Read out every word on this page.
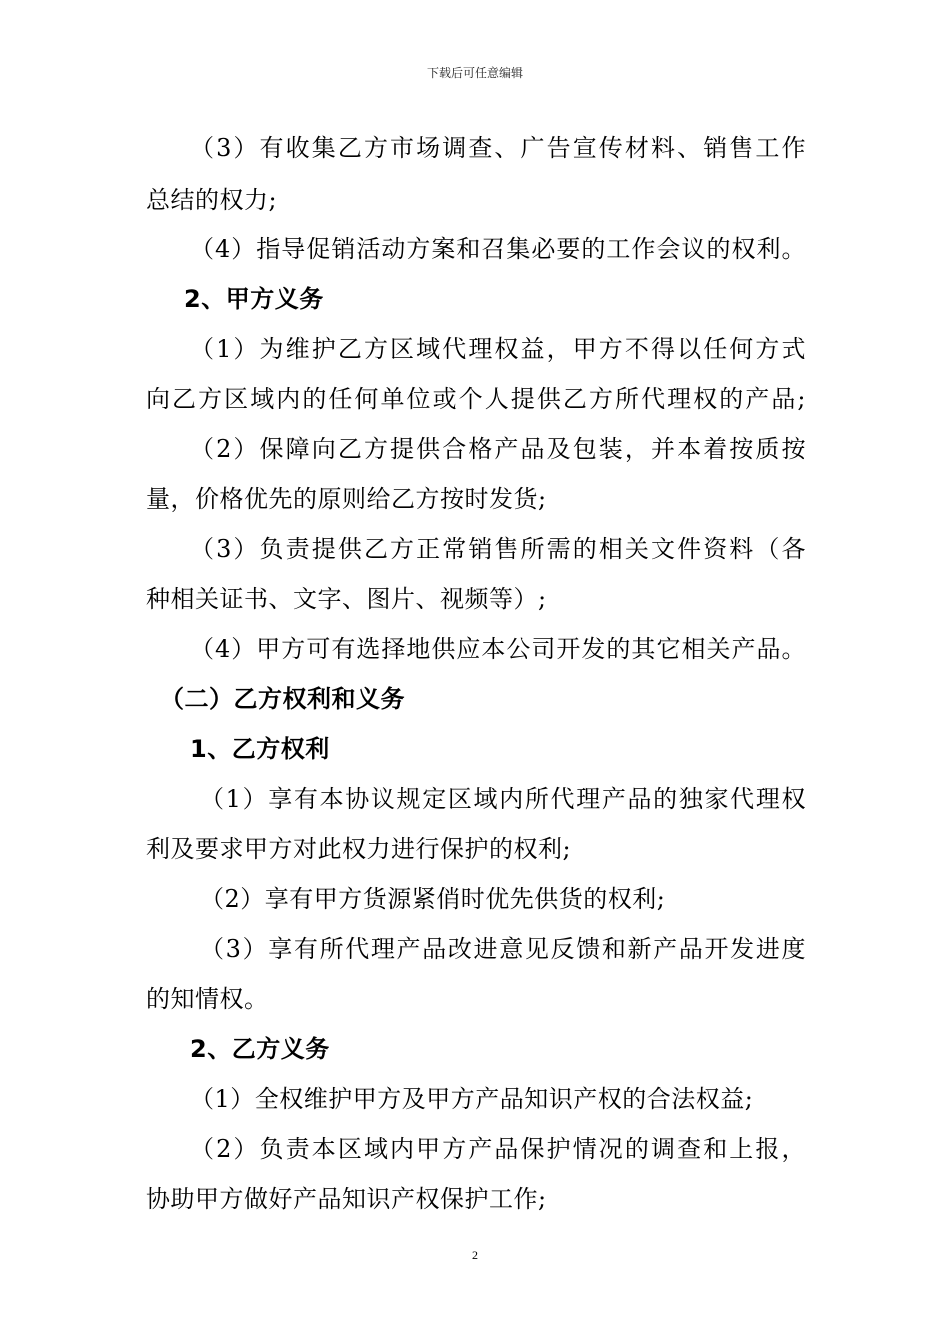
下载后可任意编辑
（3）有收集乙方市场调查、广告宣传材料、销售工作
总结的权力;
（4）指导促销活动方案和召集必要的工作会议的权利。
2、甲方义务
（1）为维护乙方区域代理权益，甲方不得以任何方式
向乙方区域内的任何单位或个人提供乙方所代理权的产品;
（2）保障向乙方提供合格产品及包装，并本着按质按
量，价格优先的原则给乙方按时发货;
（3）负责提供乙方正常销售所需的相关文件资料（各
种相关证书、文字、图片、视频等）;
（4）甲方可有选择地供应本公司开发的其它相关产品。
（二）乙方权利和义务
1、乙方权利
（1）享有本协议规定区域内所代理产品的独家代理权
利及要求甲方对此权力进行保护的权利;
（2）享有甲方货源紧俏时优先供货的权利;
（3）享有所代理产品改进意见反馈和新产品开发进度
的知情权。
2、乙方义务
（1）全权维护甲方及甲方产品知识产权的合法权益;
（2）负责本区域内甲方产品保护情况的调查和上报，
协助甲方做好产品知识产权保护工作;
2
